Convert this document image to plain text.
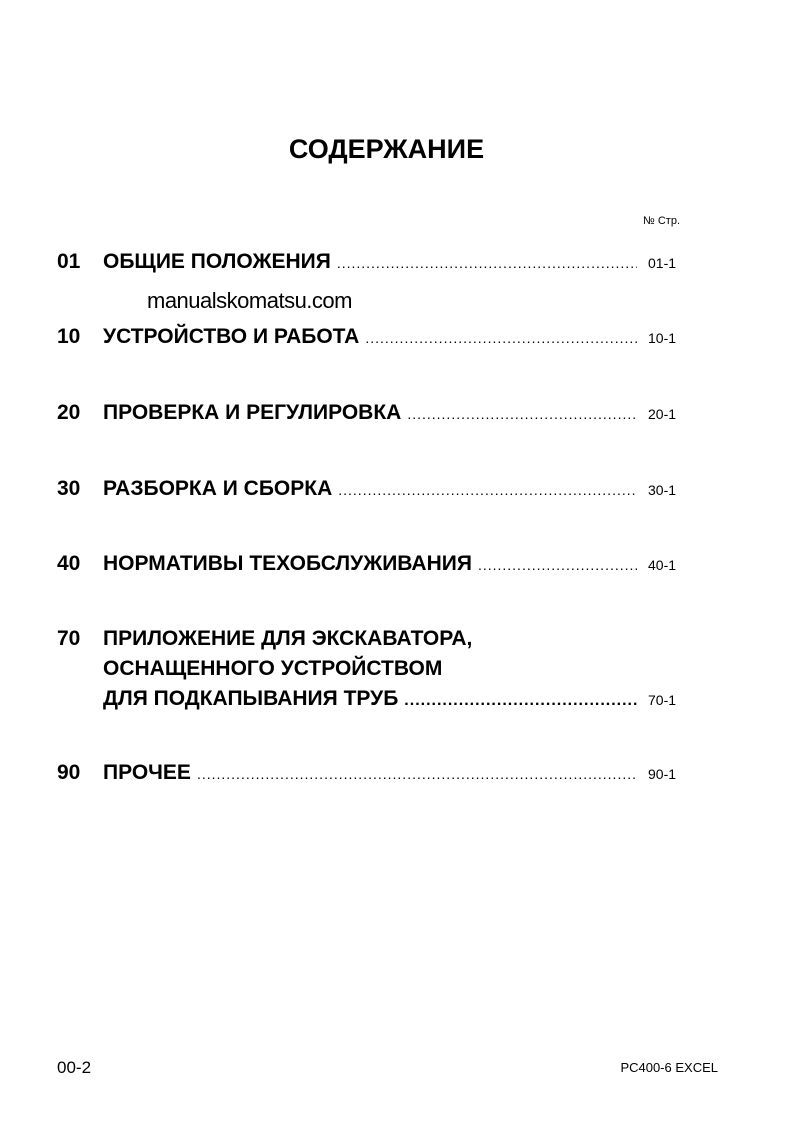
СОДЕРЖАНИЕ
№ Стр.
01 ОБЩИЕ ПОЛОЖЕНИЯ .....	01-1
manualskomatsu.com
10 УСТРОЙСТВО И РАБОТА .....	10-1
20 ПРОВЕРКА И РЕГУЛИРОВКА .....	20-1
30 РАЗБОРКА И СБОРКА .....	30-1
40 НОРМАТИВЫ ТЕХОБСЛУЖИВАНИЯ .....	40-1
70 ПРИЛОЖЕНИЕ ДЛЯ ЭКСКАВАТОРА,
ОСНАЩЕННОГО УСТРОЙСТВОМ
ДЛЯ ПОДКАПЫВАНИЯ ТРУБ .....	70-1
90 ПРОЧЕЕ .....	90-1
00-2	PC400-6 EXCEL
